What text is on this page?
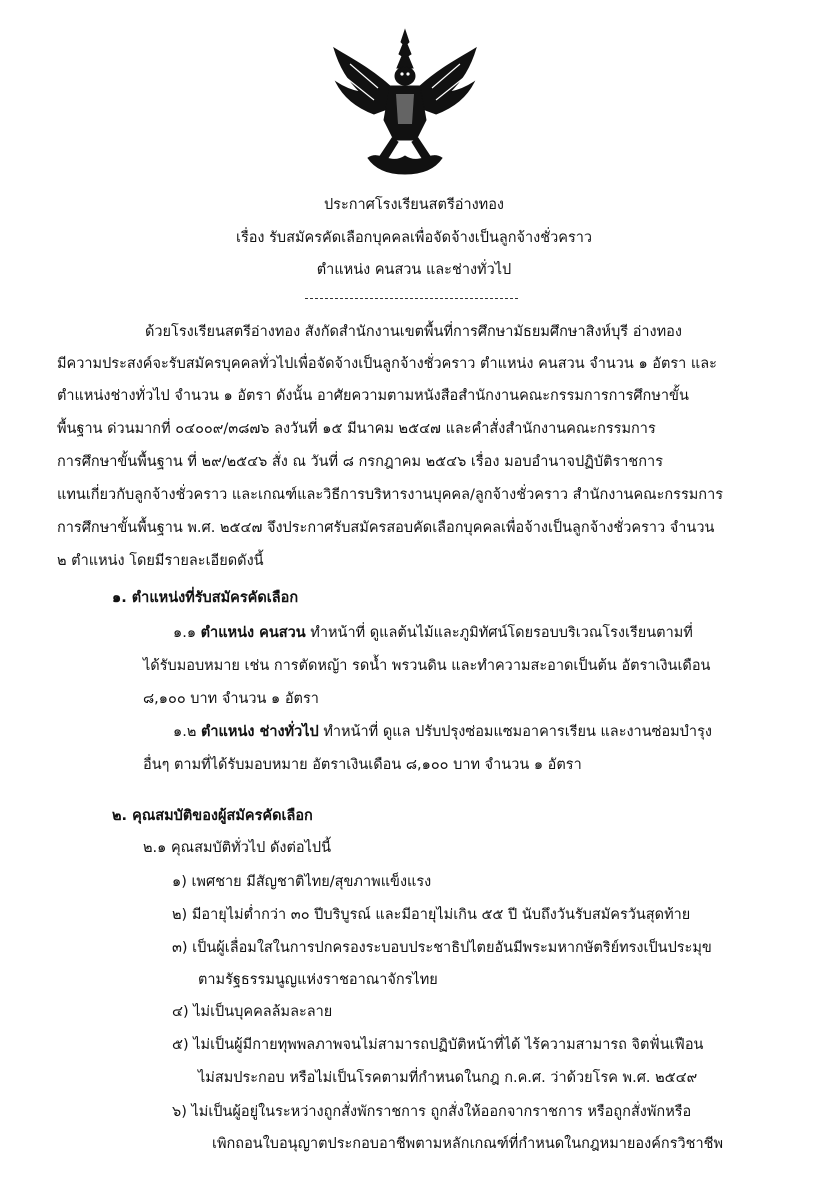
ประกาศโรงเรียนสตรีอ่างทอง
เรื่อง รับสมัครคัดเลือกบุคคลเพื่อจัดจ้างเป็นลูกจ้างชั่วคราว
ตำแหน่ง คนสวน และช่างทั่วไป
ด้วยโรงเรียนสตรีอ่างทอง สังกัดสำนักงานเขตพื้นที่การศึกษามัธยมศึกษาสิงห์บุรี อ่างทอง
มีความประสงค์จะรับสมัครบุคคลทั่วไปเพื่อจัดจ้างเป็นลูกจ้างชั่วคราว ตำแหน่ง คนสวน จำนวน ๑ อัตรา และ
ตำแหน่งช่างทั่วไป จำนวน ๑ อัตรา ดังนั้น อาศัยความตามหนังสือสำนักงานคณะกรรมการการศึกษาขั้น
พื้นฐาน ด่วนมากที่ ๐๔๐๐๙/๓๘๗๖ ลงวันที่ ๑๕ มีนาคม ๒๕๔๗ และคำสั่งสำนักงานคณะกรรมการ
การศึกษาขั้นพื้นฐาน ที่ ๒๙/๒๕๔๖ สั่ง ณ วันที่ ๘ กรกฎาคม ๒๕๔๖ เรื่อง มอบอำนาจปฏิบัติราชการ
แทนเกี่ยวกับลูกจ้างชั่วคราว และเกณฑ์และวิธีการบริหารงานบุคคล/ลูกจ้างชั่วคราว สำนักงานคณะกรรมการ
การศึกษาขั้นพื้นฐาน พ.ศ. ๒๕๔๗ จึงประกาศรับสมัครสอบคัดเลือกบุคคลเพื่อจ้างเป็นลูกจ้างชั่วคราว จำนวน
๒ ตำแหน่ง โดยมีรายละเอียดดังนี้
๑. ตำแหน่งที่รับสมัครคัดเลือก
๑.๑ ตำแหน่ง คนสวน ทำหน้าที่ ดูแลต้นไม้และภูมิทัศน์โดยรอบบริเวณโรงเรียนตามที่
ได้รับมอบหมาย เช่น การตัดหญ้า รดน้ำ พรวนดิน และทำความสะอาดเป็นต้น อัตราเงินเดือน
๘,๑๐๐ บาท จำนวน ๑ อัตรา
๑.๒ ตำแหน่ง ช่างทั่วไป ทำหน้าที่ ดูแล ปรับปรุงซ่อมแซมอาคารเรียน และงานซ่อมบำรุง
อื่นๆ ตามที่ได้รับมอบหมาย อัตราเงินเดือน ๘,๑๐๐ บาท จำนวน ๑ อัตรา
๒. คุณสมบัติของผู้สมัครคัดเลือก
๒.๑ คุณสมบัติทั่วไป ดังต่อไปนี้
๑) เพศชาย มีสัญชาติไทย/สุขภาพแข็งแรง
๒) มีอายุไม่ต่ำกว่า ๓๐ ปีบริบูรณ์ และมีอายุไม่เกิน ๕๕ ปี นับถึงวันรับสมัครวันสุดท้าย
๓) เป็นผู้เลื่อมใสในการปกครองระบอบประชาธิปไตยอันมีพระมหากษัตริย์ทรงเป็นประมุข
ตามรัฐธรรมนูญแห่งราชอาณาจักรไทย
๔) ไม่เป็นบุคคลล้มละลาย
๕) ไม่เป็นผู้มีกายทุพพลภาพจนไม่สามารถปฏิบัติหน้าที่ได้ ไร้ความสามารถ จิตฟั่นเฟือน
ไม่สมประกอบ หรือไม่เป็นโรคตามที่กำหนดในกฎ ก.ค.ศ. ว่าด้วยโรค พ.ศ. ๒๕๔๙
๖) ไม่เป็นผู้อยู่ในระหว่างถูกสั่งพักราชการ ถูกสั่งให้ออกจากราชการ หรือถูกสั่งพักหรือ
เพิกถอนใบอนุญาตประกอบอาชีพตามหลักเกณฑ์ที่กำหนดในกฎหมายองค์กรวิชาชีพ
